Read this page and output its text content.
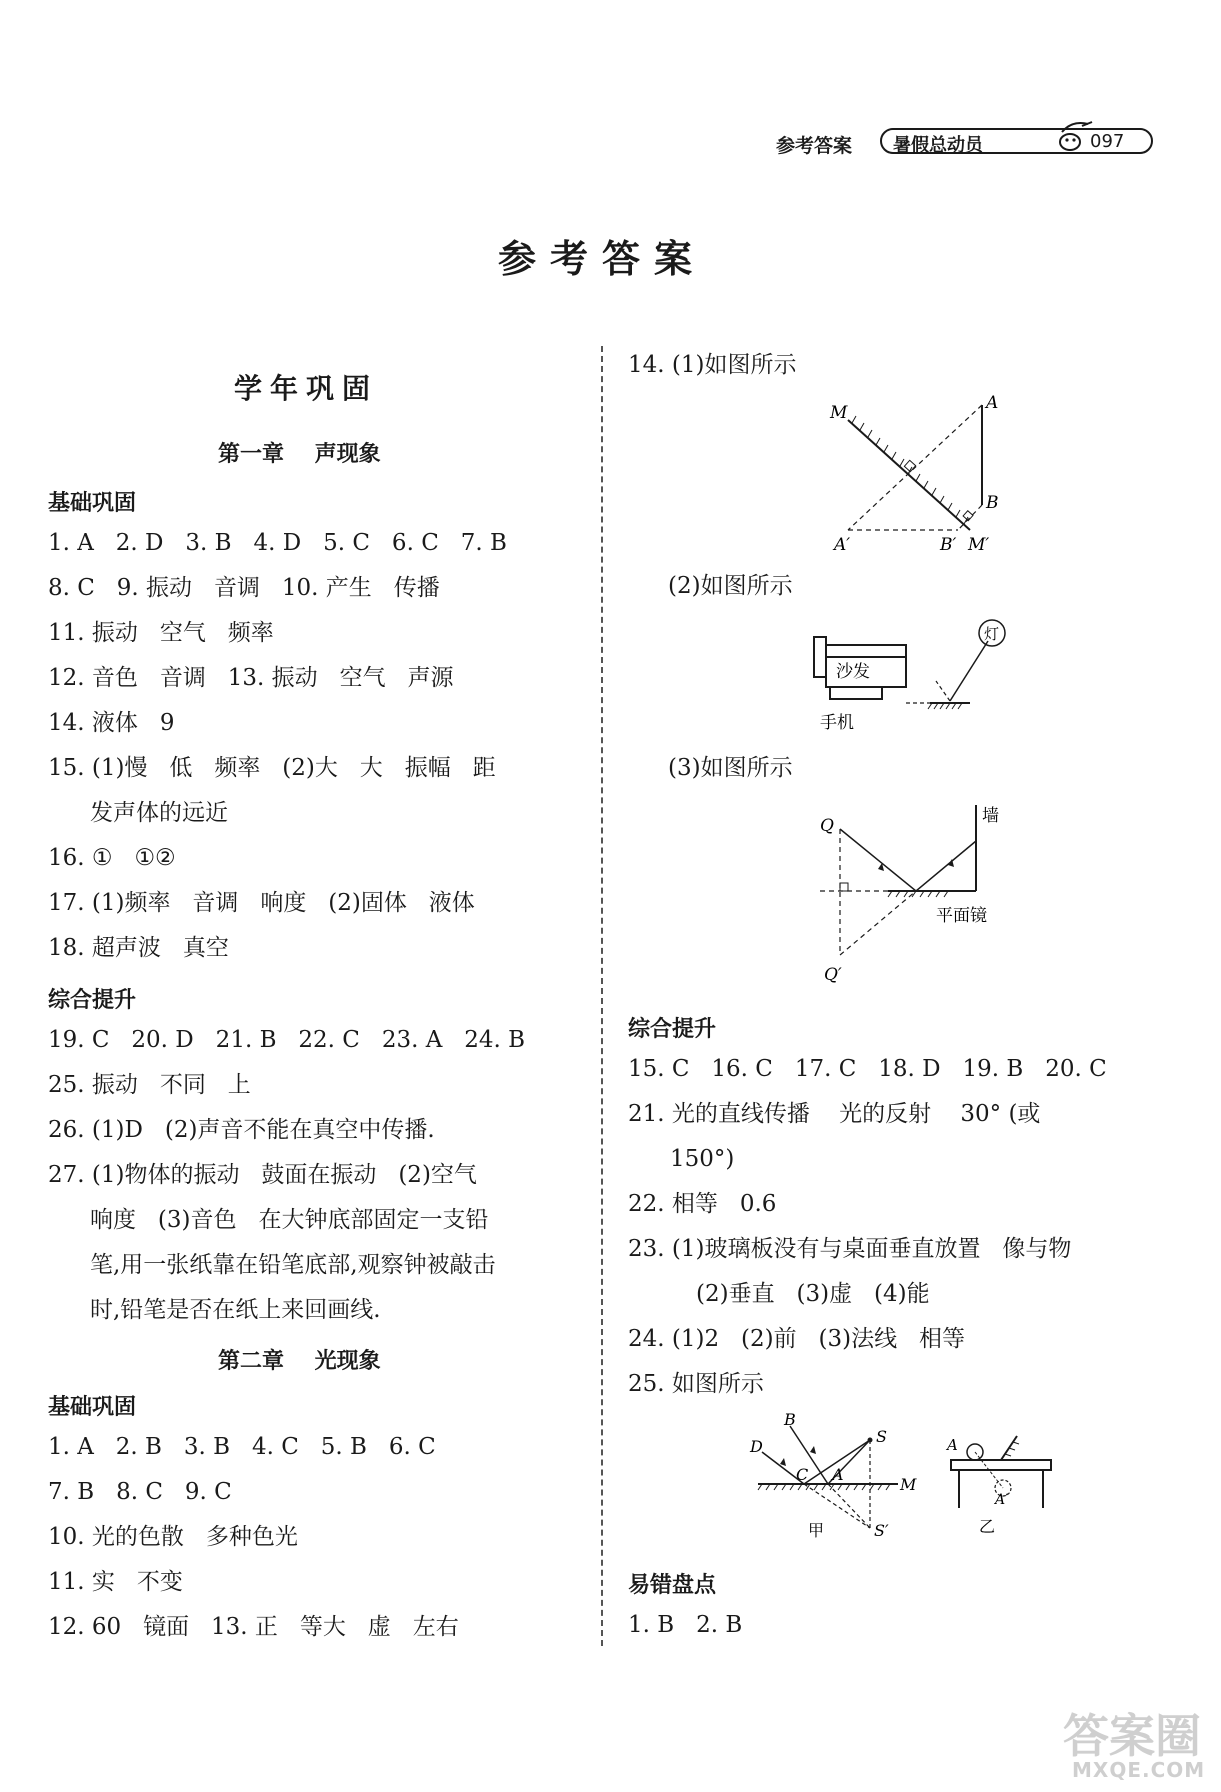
参考答案 暑假总动员	097
参考答案
学年巩固
第一章    声现象
基础巩固
1. A   2. D   3. B   4. D   5. C   6. C   7. B
8. C   9. 振动   音调   10. 产生   传播
11. 振动   空气   频率
12. 音色   音调   13. 振动   空气   声源
14. 液体   9
15. (1)慢   低   频率   (2)大   大   振幅   距
发声体的远近
16. ①   ①②
17. (1)频率   音调   响度   (2)固体   液体
18. 超声波   真空
综合提升
19. C   20. D   21. B   22. C   23. A   24. B
25. 振动   不同   上
26. (1)D   (2)声音不能在真空中传播.
27. (1)物体的振动   鼓面在振动   (2)空气
响度   (3)音色   在大钟底部固定一支铅
笔,用一张纸靠在铅笔底部,观察钟被敲击
时,铅笔是否在纸上来回画线.
第二章    光现象
基础巩固
1. A   2. B   3. B   4. C   5. B   6. C
7. B   8. C   9. C
10. 光的色散   多种色光
11. 实   不变
12. 60   镜面   13. 正   等大   虚   左右
14. (1)如图所示
M	A
B
A′	B′ M′
(2)如图所示
沙发
手机
灯
(3)如图所示
Q
Q′
墙
平面镜
综合提升
15. C   16. C   17. C   18. D   19. B   20. C
21. 光的直线传播    光的反射    30° (或
150°)
22. 相等   0.6
23. (1)玻璃板没有与桌面垂直放置   像与物
(2)垂直   (3)虚   (4)能
24. (1)2   (2)前   (3)法线   相等
25. 如图所示
B
D
C A
S
M
S′
甲
A
A′
乙
易错盘点
1. B   2. B
答案圈
MXQE.COM
